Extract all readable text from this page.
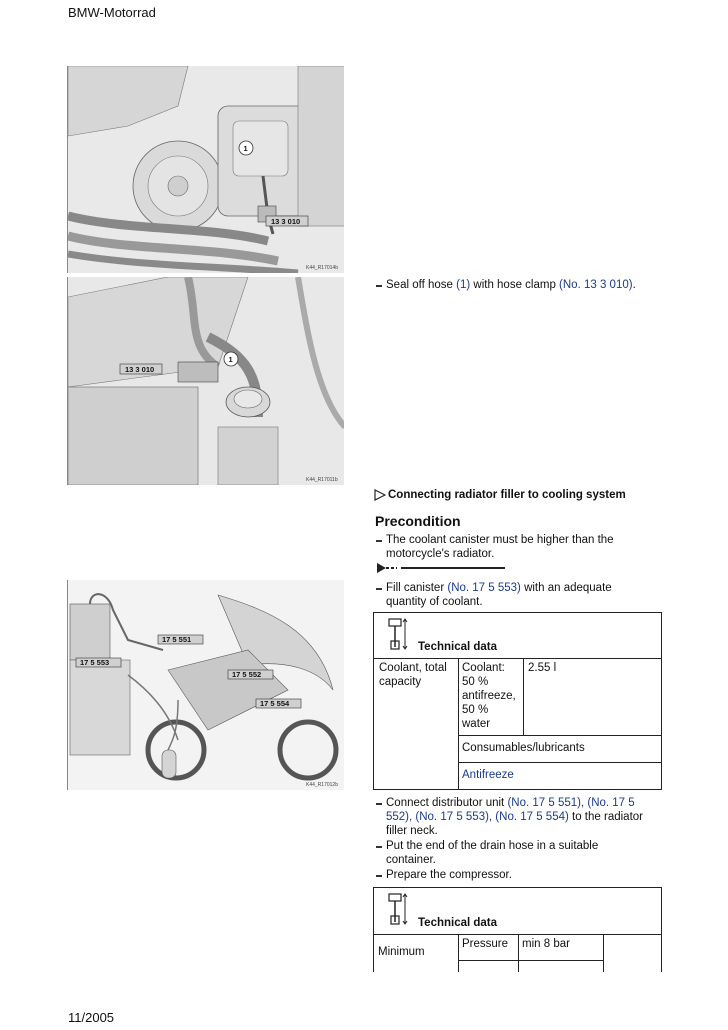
BMW-Motorrad
1
13 3 010
K44_R17014b
1
13 3 010
K44_R17011b
17 5 551
17 5 553
17 5 552
17 5 554
K44_R17012b
Seal off hose (1) with hose clamp (No. 13 3 010).
Connecting radiator filler to cooling system
Precondition
The coolant canister must be higher than the
motorcycle's radiator.
Fill canister (No. 17 5 553) with an adequate
quantity of coolant.
Technical data
Coolant, total
capacity
Coolant:
50 %
antifreeze,
50 %
water
2.55 l
Consumables/lubricants
Antifreeze
Connect distributor unit (No. 17 5 551), (No. 17 5
552), (No. 17 5 553), (No. 17 5 554) to the radiator
filler neck.
Put the end of the drain hose in a suitable
container.
Prepare the compressor.
Technical data
Minimum
Pressure min 8 bar
11/2005
